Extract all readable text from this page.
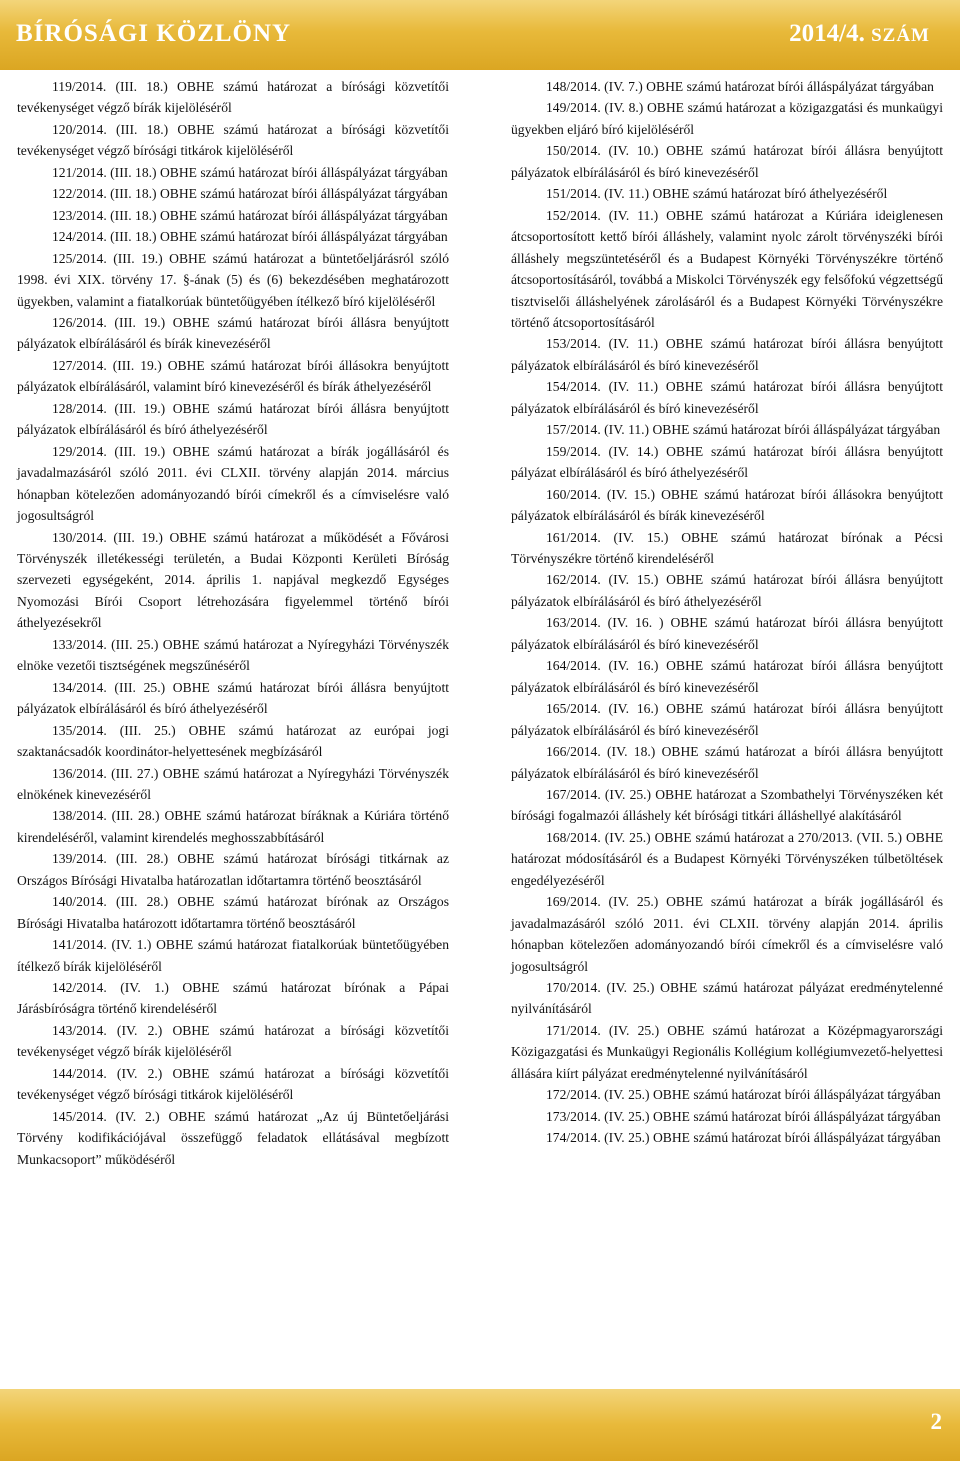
BÍRÓSÁGI KÖZLÖNY	2014/4. SZÁM

119/2014. (III. 18.) OBHE számú határozat a bírósági közvetítői tevékenységet végző bírák kijelöléséről

120/2014. (III. 18.) OBHE számú határozat a bírósági közvetítői tevékenységet végző bírósági titkárok kijelöléséről

121/2014. (III. 18.) OBHE számú határozat bírói álláspályázat tárgyában

122/2014. (III. 18.) OBHE számú határozat bírói álláspályázat tárgyában

123/2014. (III. 18.) OBHE számú határozat bírói álláspályázat tárgyában

124/2014. (III. 18.) OBHE számú határozat bírói álláspályázat tárgyában

125/2014. (III. 19.) OBHE számú határozat a büntetőeljárásról szóló 1998. évi XIX. törvény 17. §-ának (5) és (6) bekezdésében meghatározott ügyekben, valamint a fiatalkorúak büntetőügyében ítélkező bíró kijelöléséről

126/2014. (III. 19.) OBHE számú határozat bírói állásra benyújtott pályázatok elbírálásáról és bírák kinevezéséről

127/2014. (III. 19.) OBHE számú határozat bírói állásokra benyújtott pályázatok elbírálásáról, valamint bíró kinevezéséről és bírák áthelyezéséről

128/2014. (III. 19.) OBHE számú határozat bírói állásra benyújtott pályázatok elbírálásáról és bíró áthelyezéséről

129/2014. (III. 19.) OBHE számú határozat a bírák jogállásáról és javadalmazásáról szóló 2011. évi CLXII. törvény alapján 2014. március hónapban kötelezően adományozandó bírói címekről és a címviselésre való jogosultságról

130/2014. (III. 19.) OBHE számú határozat a működését a Fővárosi Törvényszék illetékességi területén, a Budai Központi Kerületi Bíróság szervezeti egységeként, 2014. április 1. napjával megkezdő Egységes Nyomozási Bírói Csoport létrehozására figyelemmel történő bírói áthelyezésekről

133/2014. (III. 25.) OBHE számú határozat a Nyíregyházi Törvényszék elnöke vezetői tisztségének megszűnéséről

134/2014. (III. 25.) OBHE számú határozat bírói állásra benyújtott pályázatok elbírálásáról és bíró áthelyezéséről

135/2014. (III. 25.) OBHE számú határozat az európai jogi szaktanácsadók koordinátor-helyettesének megbízásáról

136/2014. (III. 27.) OBHE számú határozat a Nyíregyházi Törvényszék elnökének kinevezéséről

138/2014. (III. 28.) OBHE számú határozat bíráknak a Kúriára történő kirendeléséről, valamint kirendelés meghosszabbításáról

139/2014. (III. 28.) OBHE számú határozat bírósági titkárnak az Országos Bírósági Hivatalba határozatlan időtartamra történő beosztásáról

140/2014. (III. 28.) OBHE számú határozat bírónak az Országos Bírósági Hivatalba határozott időtartamra történő beosztásáról

141/2014. (IV. 1.) OBHE számú határozat fiatalkorúak büntetőügyében ítélkező bírák kijelöléséről

142/2014. (IV. 1.) OBHE számú határozat bírónak a Pápai Járásbíróságra történő kirendeléséről

143/2014. (IV. 2.) OBHE számú határozat a bírósági közvetítői tevékenységet végző bírák kijelöléséről

144/2014. (IV. 2.) OBHE számú határozat a bírósági közvetítői tevékenységet végző bírósági titkárok kijelöléséről

145/2014. (IV. 2.) OBHE számú határozat „Az új Büntetőeljárási Törvény kodifikációjával összefüggő feladatok ellátásával megbízott Munkacsoport” működéséről

148/2014. (IV. 7.) OBHE számú határozat bírói álláspályázat tárgyában

149/2014. (IV. 8.) OBHE számú határozat a közigazgatási és munkaügyi ügyekben eljáró bíró kijelöléséről

150/2014. (IV. 10.) OBHE számú határozat bírói állásra benyújtott pályázatok elbírálásáról és bíró kinevezéséről

151/2014. (IV. 11.) OBHE számú határozat bíró áthelyezéséről

152/2014. (IV. 11.) OBHE számú határozat a Kúriára ideiglenesen átcsoportosított kettő bírói álláshely, valamint nyolc zárolt törvényszéki bírói álláshely megszüntetéséről és a Budapest Környéki Törvényszékre történő átcsoportosításáról, továbbá a Miskolci Törvényszék egy felsőfokú végzettségű tisztviselői álláshelyének zárolásáról és a Budapest Környéki Törvényszékre történő átcsoportosításáról

153/2014. (IV. 11.) OBHE számú határozat bírói állásra benyújtott pályázatok elbírálásáról és bíró kinevezéséről

154/2014. (IV. 11.) OBHE számú határozat bírói állásra benyújtott pályázatok elbírálásáról és bíró kinevezéséről

157/2014. (IV. 11.) OBHE számú határozat bírói álláspályázat tárgyában

159/2014. (IV. 14.) OBHE számú határozat bírói állásra benyújtott pályázat elbírálásáról és bíró áthelyezéséről

160/2014. (IV. 15.) OBHE számú határozat bírói állásokra benyújtott pályázatok elbírálásáról és bírák kinevezéséről

161/2014. (IV. 15.) OBHE számú határozat bírónak a Pécsi Törvényszékre történő kirendeléséről

162/2014. (IV. 15.) OBHE számú határozat bírói állásra benyújtott pályázatok elbírálásáról és bíró áthelyezéséről

163/2014. (IV. 16. ) OBHE számú határozat bírói állásra benyújtott pályázatok elbírálásáról és bíró kinevezéséről

164/2014. (IV. 16.) OBHE számú határozat bírói állásra benyújtott pályázatok elbírálásáról és bíró kinevezéséről

165/2014. (IV. 16.) OBHE számú határozat bírói állásra benyújtott pályázatok elbírálásáról és bíró kinevezéséről

166/2014. (IV. 18.) OBHE számú határozat a bírói állásra benyújtott pályázatok elbírálásáról és bíró kinevezéséről

167/2014. (IV. 25.) OBHE határozat a Szombathelyi Törvényszéken két bírósági fogalmazói álláshely két bírósági titkári álláshellyé alakításáról

168/2014. (IV. 25.) OBHE számú határozat a 270/2013. (VII. 5.) OBHE határozat módosításáról és a Budapest Környéki Törvényszéken túlbetöltések engedélyezéséről

169/2014. (IV. 25.) OBHE számú határozat a bírák jogállásáról és javadalmazásáról szóló 2011. évi CLXII. törvény alapján 2014. április hónapban kötelezően adományozandó bírói címekről és a címviselésre való jogosultságról

170/2014. (IV. 25.) OBHE számú határozat pályázat eredménytelenné nyilvánításáról

171/2014. (IV. 25.) OBHE számú határozat a Középmagyarországi Közigazgatási és Munkaügyi Regionális Kollégium kollégiumvezető-helyettesi állására kiírt pályázat eredménytelenné nyilvánításáról

172/2014. (IV. 25.) OBHE számú határozat bírói álláspályázat tárgyában

173/2014. (IV. 25.) OBHE számú határozat bírói álláspályázat tárgyában

174/2014. (IV. 25.) OBHE számú határozat bírói álláspályázat tárgyában

2
